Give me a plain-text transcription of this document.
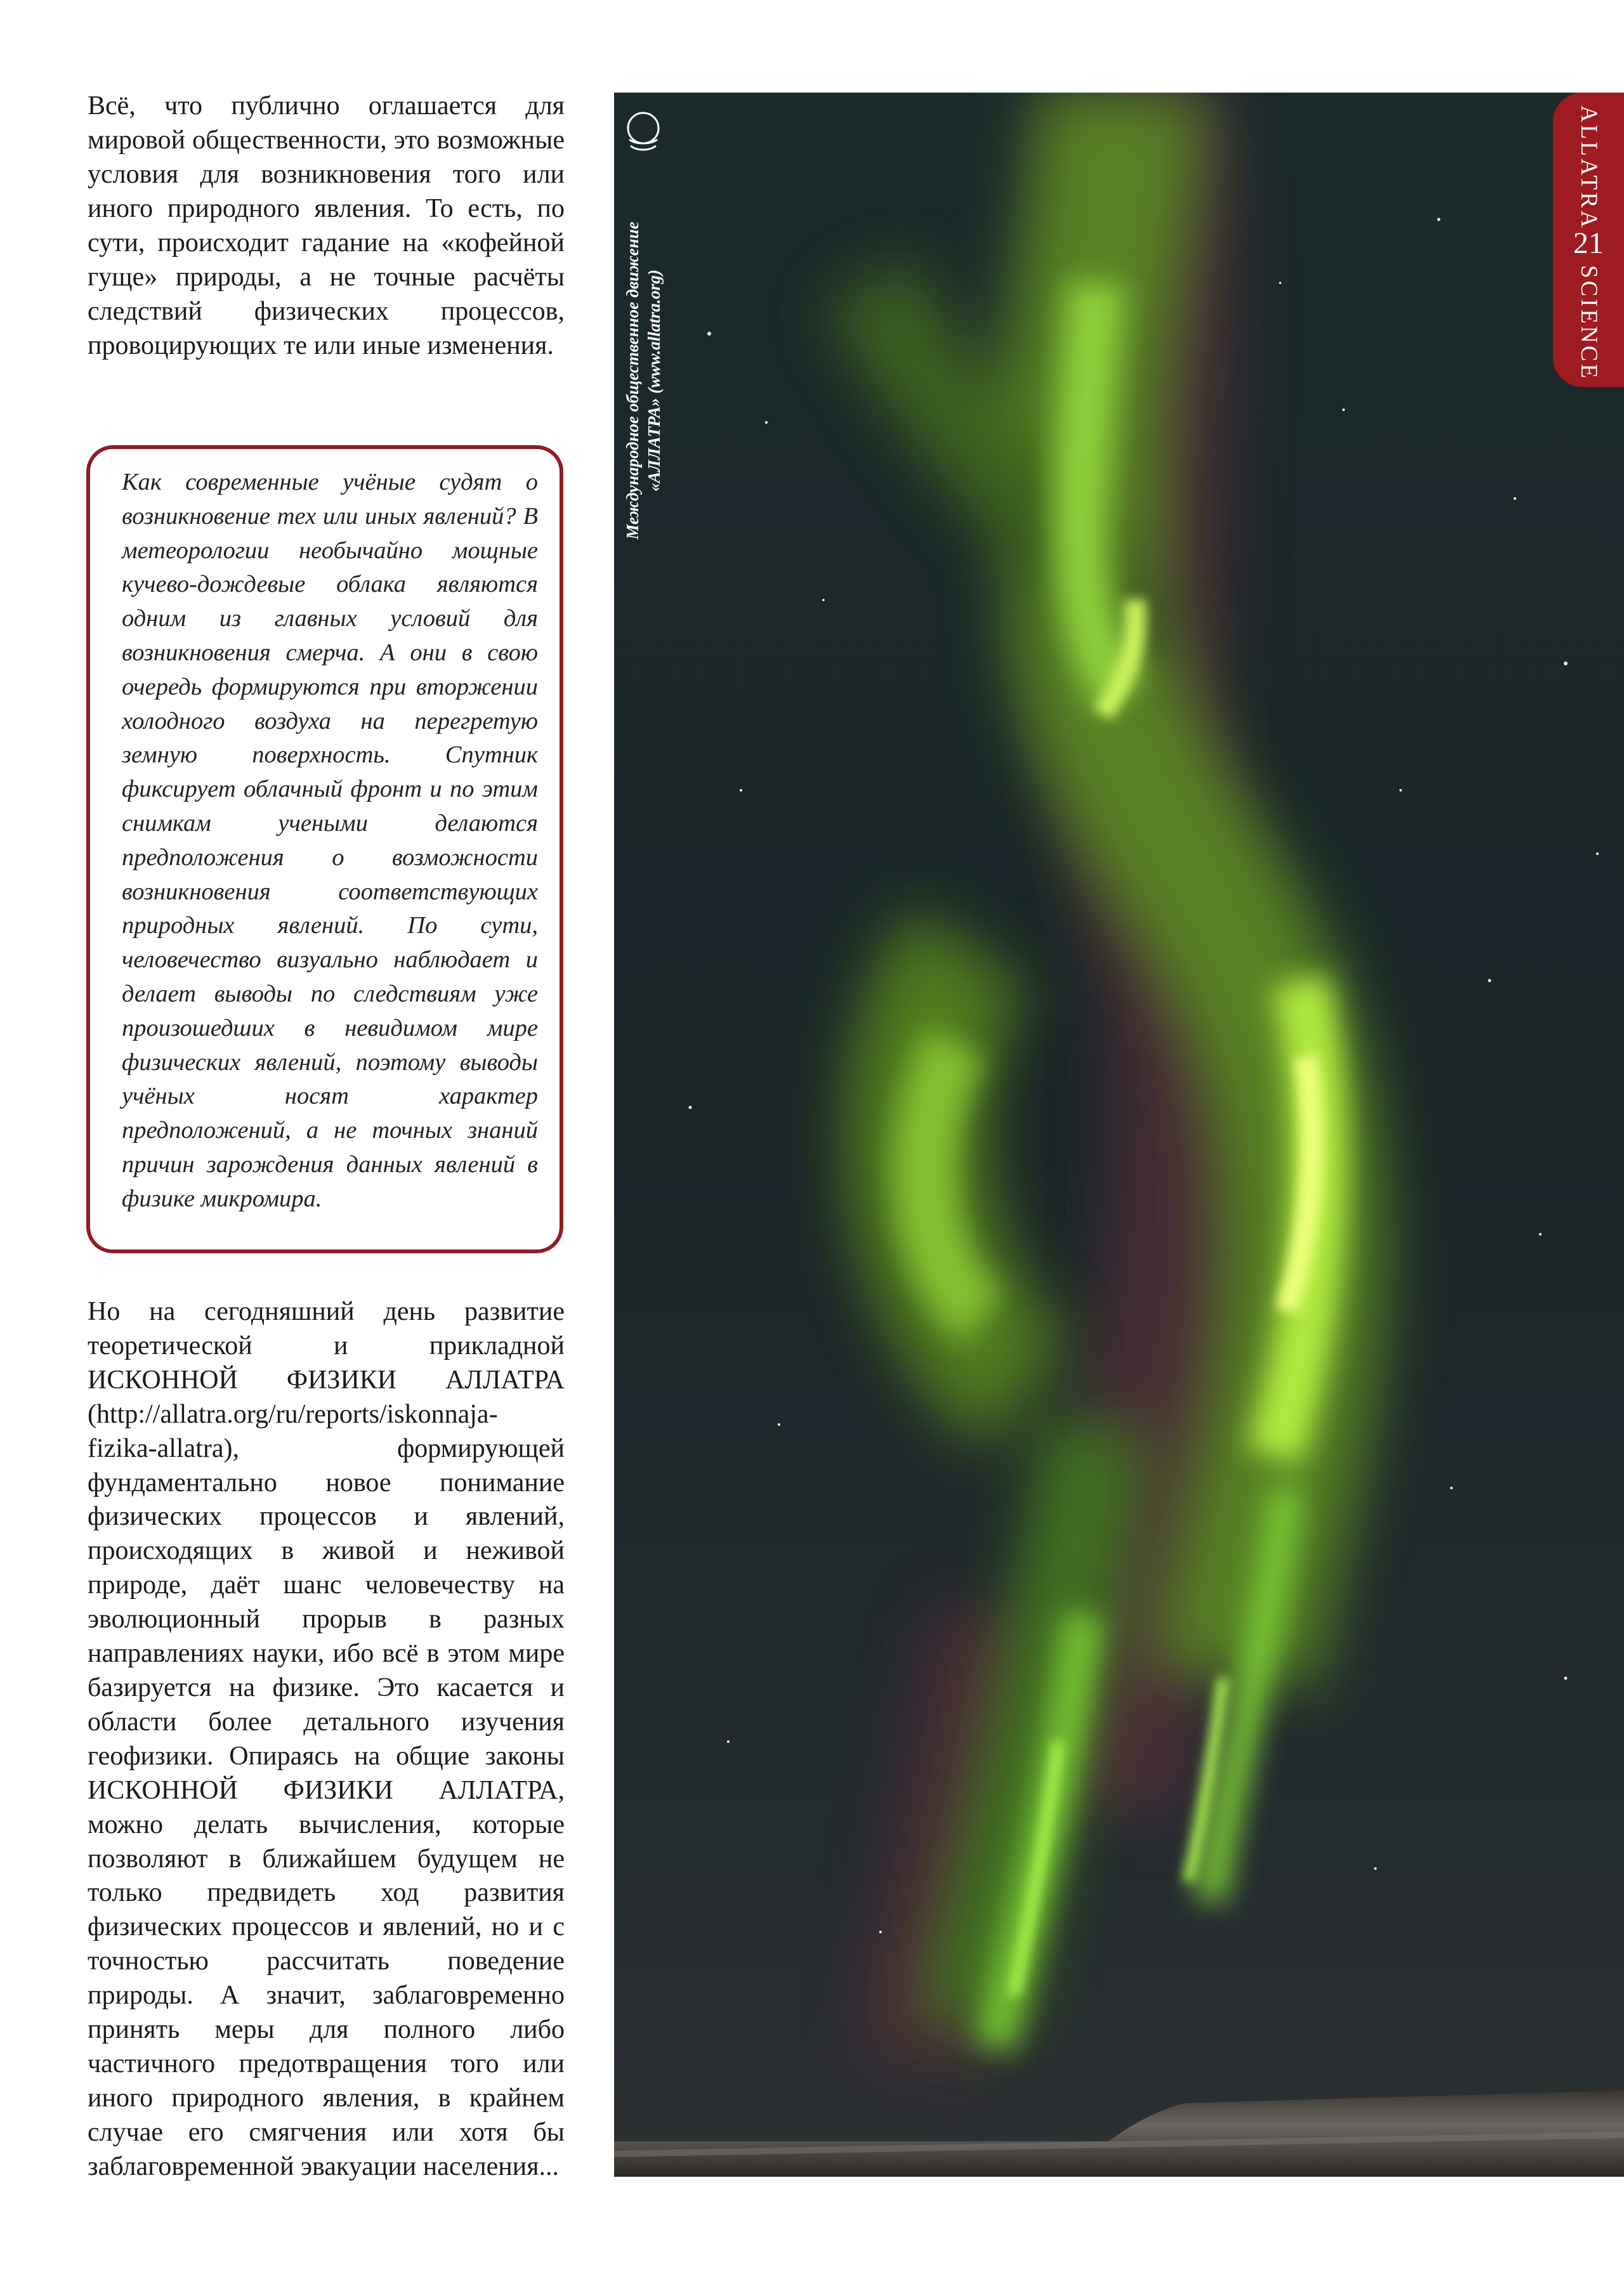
Всё, что публично оглашается для мировой общественности, это возможные условия для возникновения того или иного природного явления. То есть, по сути, происходит гадание на «кофейной гуще» природы, а не точные расчёты следствий физических процессов, провоцирующих те или иные изменения.

Как современные учёные судят о возникновение тех или иных явлений? В метеорологии необычайно мощные кучево-дождевые облака являются одним из главных условий для возникновения смерча. А они в свою очередь формируются при вторжении холодного воздуха на перегретую земную поверхность. Спутник фиксирует облачный фронт и по этим снимкам учеными делаются предположения о возможности возникновения соответствующих природных явлений. По сути, человечество визуально наблюдает и делает выводы по следствиям уже произошедших в невидимом мире физических явлений, поэтому выводы учёных носят характер предположений, а не точных знаний причин зарождения данных явлений в физике микромира.

Но на сегодняшний день развитие теоретической и прикладной ИСКОННОЙ ФИЗИКИ АЛЛАТРА (http://allatra.org/ru/reports/iskonnaja-fizika-allatra), формирующей фундаментально новое понимание физических процессов и явлений, происходящих в живой и неживой природе, даёт шанс человечеству на эволюционный прорыв в разных направлениях науки, ибо всё в этом мире базируется на физике. Это касается и области более детального изучения геофизики. Опираясь на общие законы ИСКОННОЙ ФИЗИКИ АЛЛАТРА, можно делать вычисления, которые позволяют в ближайшем будущем не только предвидеть ход развития физических процессов и явлений, но и с точностью рассчитать поведение природы. А значит, заблаговременно принять меры для полного либо частичного предотвращения того или иного природного явления, в крайнем случае его смягчения или хотя бы заблаговременной эвакуации населения...

Международное общественное движение «АЛЛАТРА» (www.allatra.org)
ALLATRA
21
SCIENCE
